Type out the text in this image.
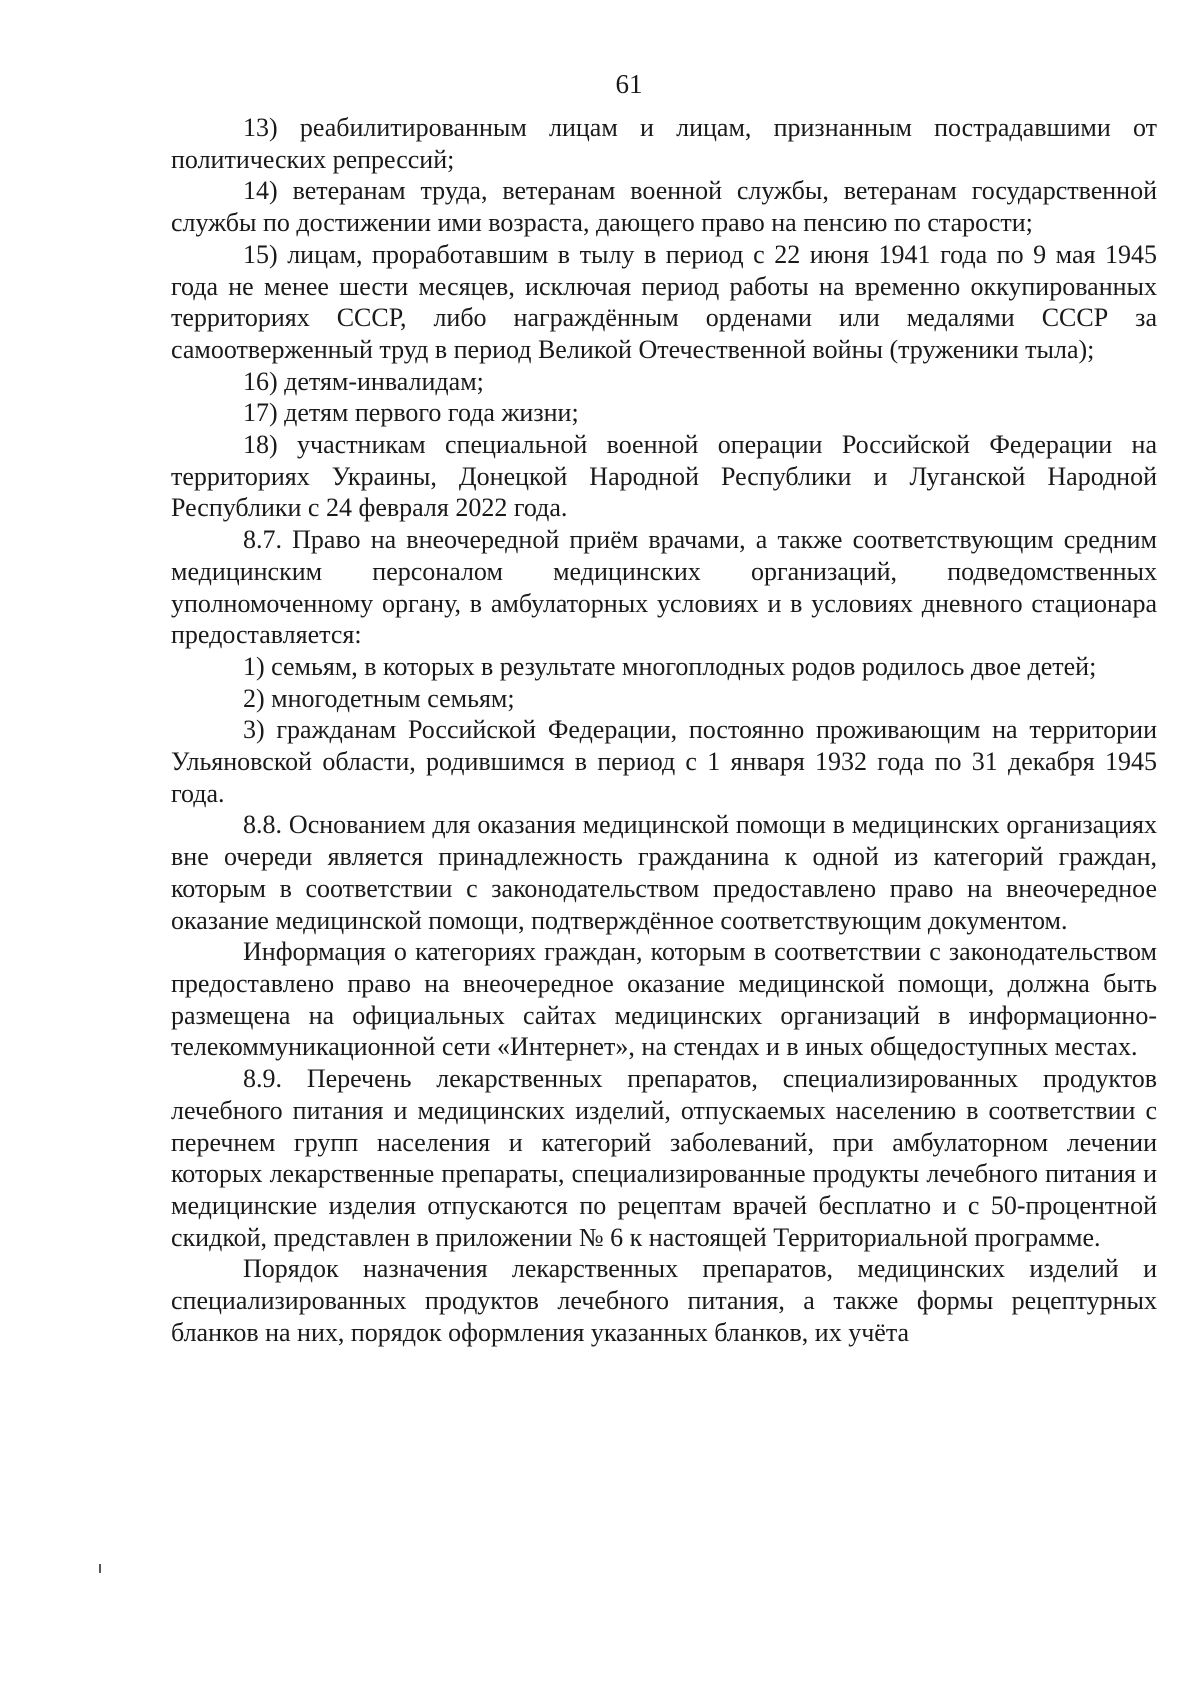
61

13) реабилитированным лицам и лицам, признанным пострадавшими от политических репрессий;

14) ветеранам труда, ветеранам военной службы, ветеранам государственной службы по достижении ими возраста, дающего право на пенсию по старости;

15) лицам, проработавшим в тылу в период с 22 июня 1941 года по 9 мая 1945 года не менее шести месяцев, исключая период работы на временно оккупированных территориях СССР, либо награждённым орденами или медалями СССР за самоотверженный труд в период Великой Отечественной войны (труженики тыла);

16) детям-инвалидам;

17) детям первого года жизни;

18) участникам специальной военной операции Российской Федерации на территориях Украины, Донецкой Народной Республики и Луганской Народной Республики с 24 февраля 2022 года.

8.7. Право на внеочередной приём врачами, а также соответствующим средним медицинским персоналом медицинских организаций, подведомственных уполномоченному органу, в амбулаторных условиях и в условиях дневного стационара предоставляется:

1) семьям, в которых в результате многоплодных родов родилось двое детей;

2) многодетным семьям;

3) гражданам Российской Федерации, постоянно проживающим на территории Ульяновской области, родившимся в период с 1 января 1932 года по 31 декабря 1945 года.

8.8. Основанием для оказания медицинской помощи в медицинских организациях вне очереди является принадлежность гражданина к одной из категорий граждан, которым в соответствии с законодательством предоставлено право на внеочередное оказание медицинской помощи, подтверждённое соответствующим документом.

Информация о категориях граждан, которым в соответствии с законодательством предоставлено право на внеочередное оказание медицинской помощи, должна быть размещена на официальных сайтах медицинских организаций в информационно-телекоммуникационной сети «Интернет», на стендах и в иных общедоступных местах.

8.9. Перечень лекарственных препаратов, специализированных продуктов лечебного питания и медицинских изделий, отпускаемых населению в соответствии с перечнем групп населения и категорий заболеваний, при амбулаторном лечении которых лекарственные препараты, специализированные продукты лечебного питания и медицинские изделия отпускаются по рецептам врачей бесплатно и с 50-процентной скидкой, представлен в приложении № 6 к настоящей Территориальной программе.

Порядок назначения лекарственных препаратов, медицинских изделий и специализированных продуктов лечебного питания, а также формы рецептурных бланков на них, порядок оформления указанных бланков, их учёта
